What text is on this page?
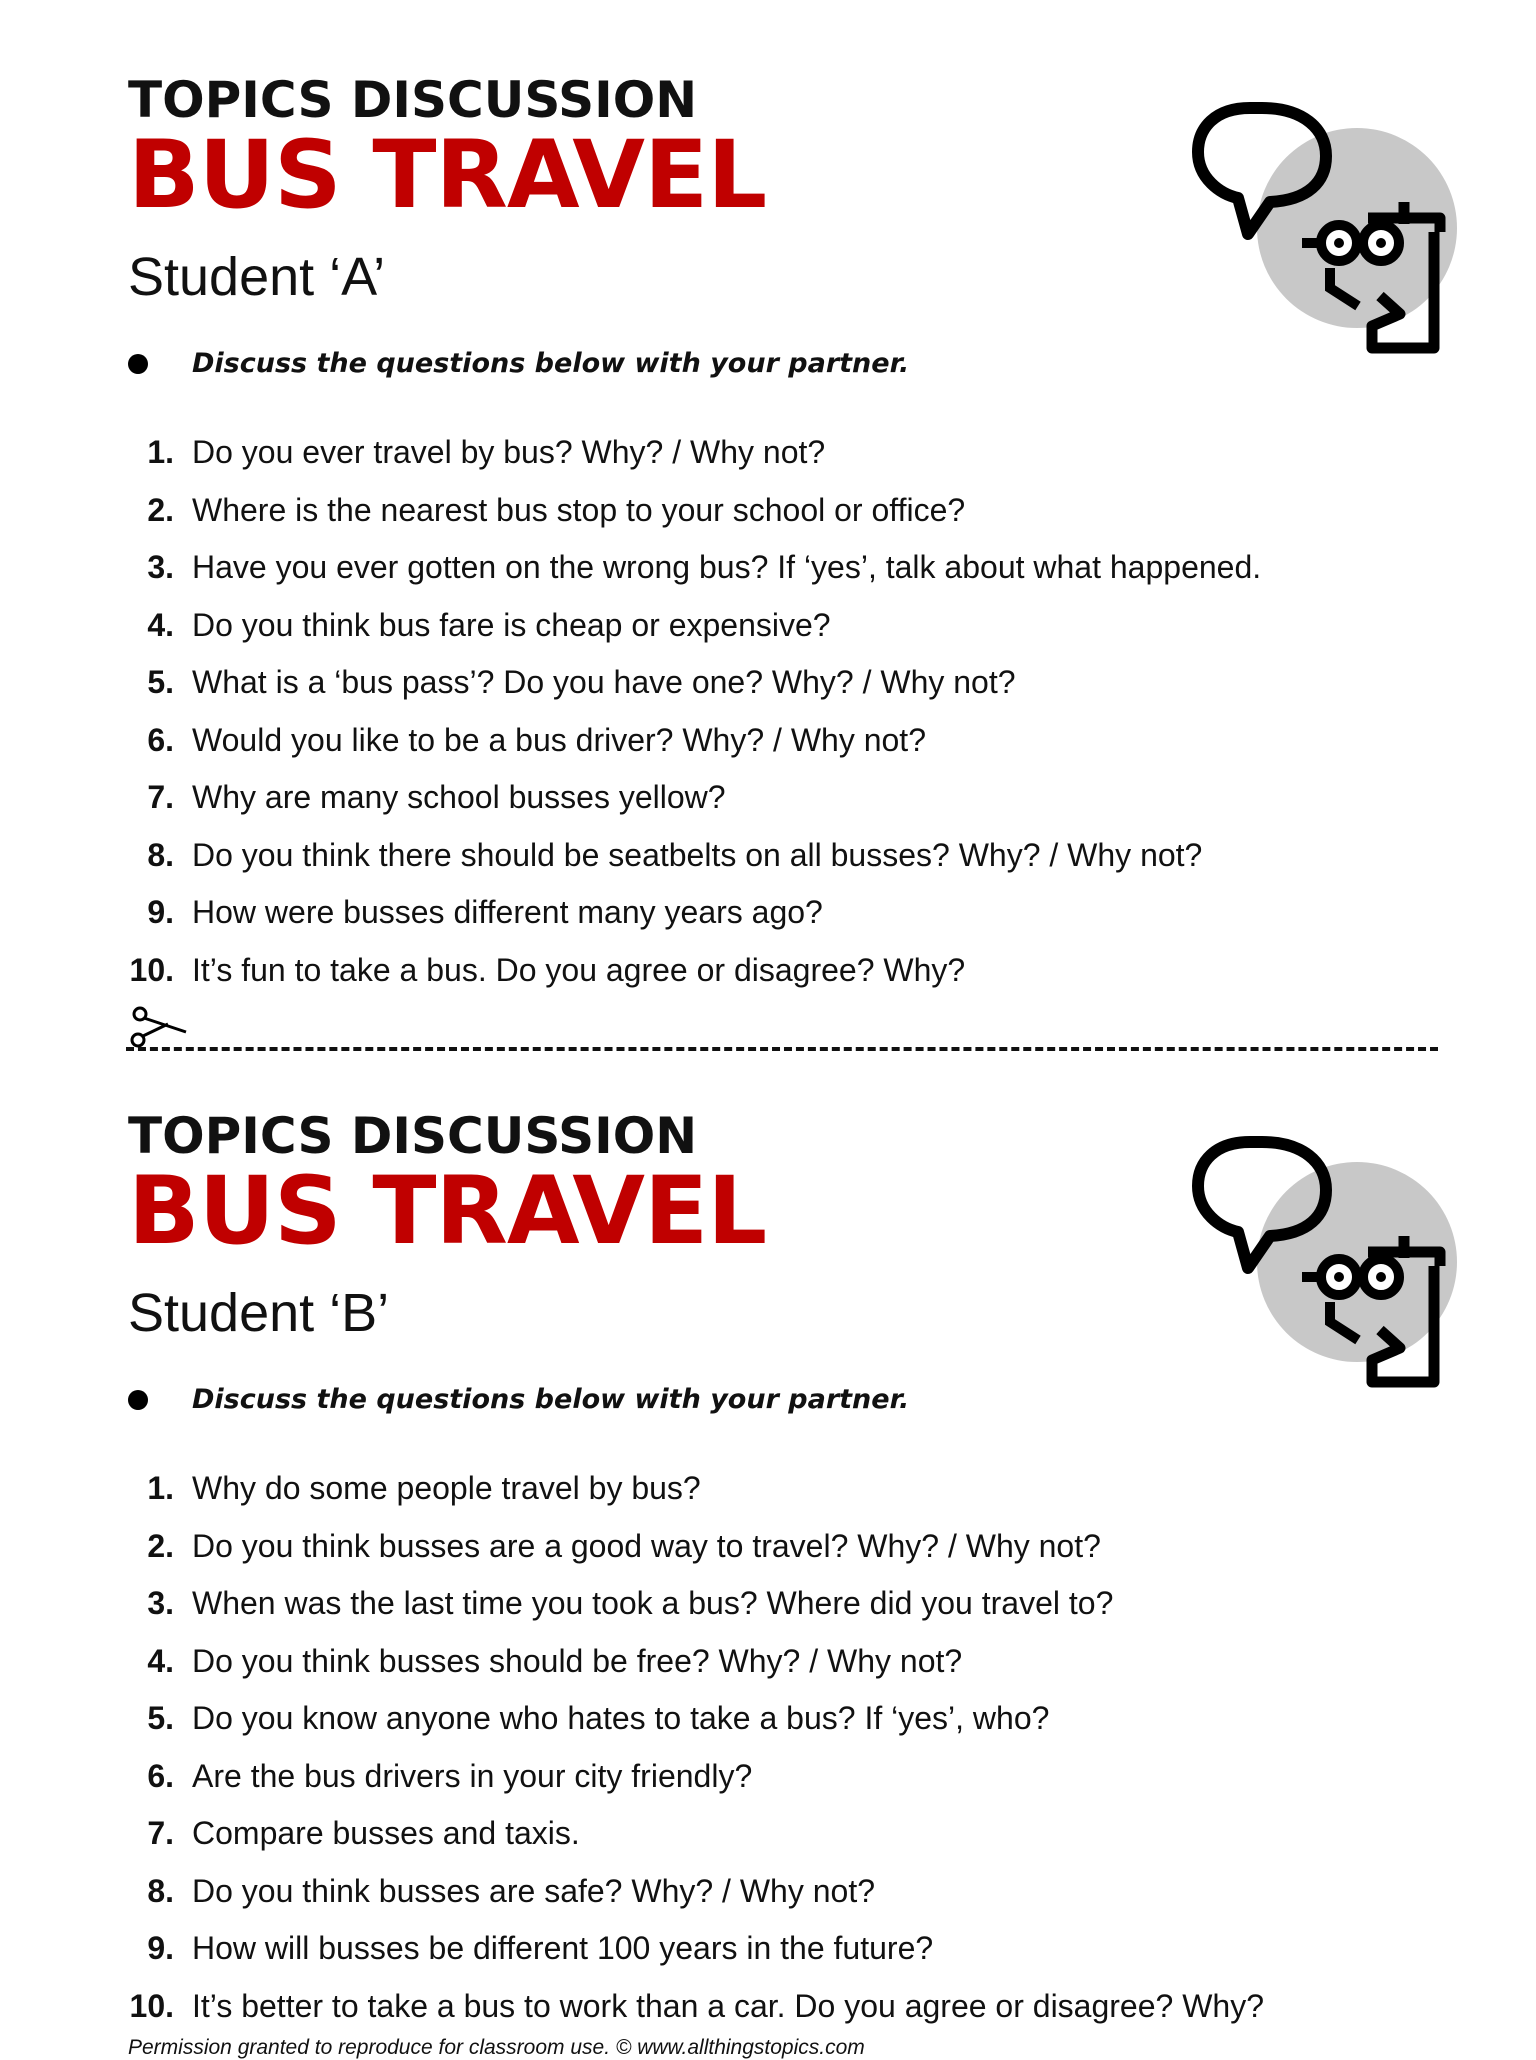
TOPICS DISCUSSION
BUS TRAVEL
Student ‘A’
Discuss the questions below with your partner.
1. Do you ever travel by bus? Why? / Why not?
2. Where is the nearest bus stop to your school or office?
3. Have you ever gotten on the wrong bus? If ‘yes’, talk about what happened.
4. Do you think bus fare is cheap or expensive?
5. What is a ‘bus pass’? Do you have one? Why? / Why not?
6. Would you like to be a bus driver? Why? / Why not?
7. Why are many school busses yellow?
8. Do you think there should be seatbelts on all busses? Why? / Why not?
9. How were busses different many years ago?
10. It’s fun to take a bus. Do you agree or disagree? Why?
TOPICS DISCUSSION
BUS TRAVEL
Student ‘B’
Discuss the questions below with your partner.
1. Why do some people travel by bus?
2. Do you think busses are a good way to travel? Why? / Why not?
3. When was the last time you took a bus? Where did you travel to?
4. Do you think busses should be free? Why? / Why not?
5. Do you know anyone who hates to take a bus? If ‘yes’, who?
6. Are the bus drivers in your city friendly?
7. Compare busses and taxis.
8. Do you think busses are safe? Why? / Why not?
9. How will busses be different 100 years in the future?
10. It’s better to take a bus to work than a car. Do you agree or disagree? Why?
Permission granted to reproduce for classroom use. © www.allthingstopics.com
